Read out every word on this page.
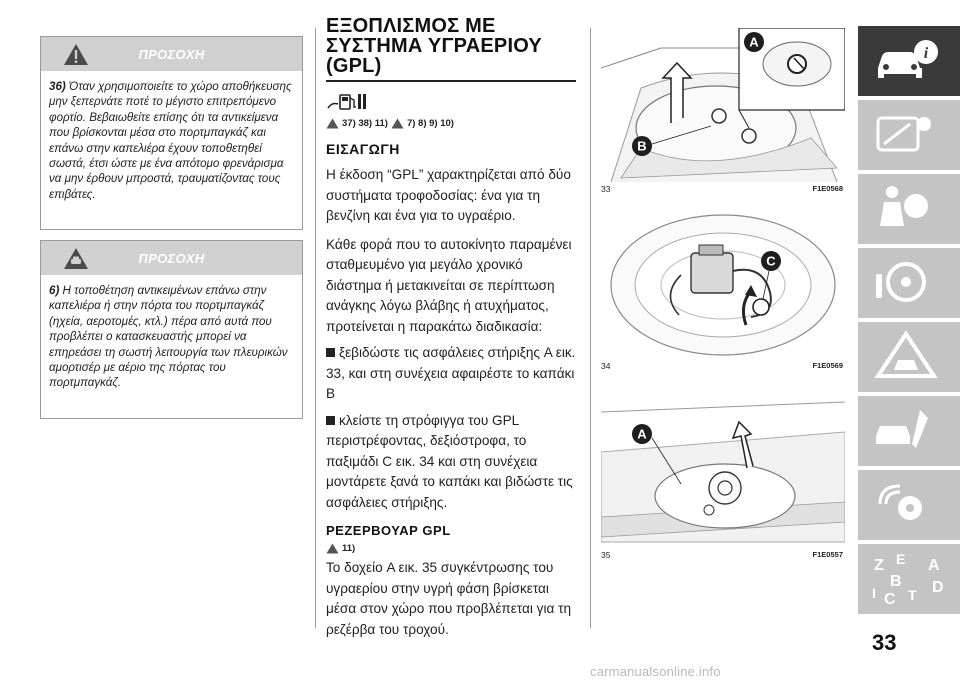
ΠΡΟΣΟΧΗ
36) Όταν χρησιμοποιείτε το χώρο αποθήκευσης μην ξεπερνάτε ποτέ το μέγιστο επιτρεπόμενο φορτίο. Βεβαιωθείτε επίσης ότι τα αντικείμενα που βρίσκονται μέσα στο πορτμπαγκάζ και επάνω στην καπελιέρα έχουν τοποθετηθεί σωστά, έτσι ώστε με ένα απότομο φρενάρισμα να μην έρθουν μπροστά, τραυματίζοντας τους επιβάτες.
ΠΡΟΣΟΧΗ
6) Η τοποθέτηση αντικειμένων επάνω στην καπελιέρα ή στην πόρτα του πορτμπαγκάζ (ηχεία, αεροτομές, κτλ.) πέρα από αυτά που προβλέπει ο κατασκευαστής μπορεί να επηρεάσει τη σωστή λειτουργία των πλευρικών αμορτισέρ με αέριο της πόρτας του πορτμπαγκάζ.
ΕΞΟΠΛΙΣΜΟΣ ΜΕ ΣΥΣΤΗΜΑ ΥΓΡΑΕΡΙΟΥ (GPL)
37) 38) 11) 7) 8) 9) 10)
ΕΙΣΑΓΩΓΗ
Η έκδοση “GPL” χαρακτηρίζεται από δύο συστήματα τροφοδοσίας: ένα για τη βενζίνη και ένα για το υγραέριο.
Κάθε φορά που το αυτοκίνητο παραμένει σταθμευμένο για μεγάλο χρονικό διάστημα ή μετακινείται σε περίπτωση ανάγκης λόγω βλάβης ή ατυχήματος, προτείνεται η παρακάτω διαδικασία:
ξεβιδώστε τις ασφάλειες στήριξης A εικ. 33, και στη συνέχεια αφαιρέστε το καπάκι B
κλείστε τη στρόφιγγα του GPL περιστρέφοντας, δεξιόστροφα, το παξιμάδι C εικ. 34 και στη συνέχεια μοντάρετε ξανά το καπάκι και βιδώστε τις ασφάλειες στήριξης.
ΡΕΖΕΡΒΟΥΑΡ GPL
11)
Το δοχείο A εικ. 35 συγκέντρωσης του υγραερίου στην υγρή φάση βρίσκεται μέσα στον χώρο που προβλέπεται για τη ρεζέρβα του τροχού.
A
B
33	F1E0568
C
34	F1E0569
A
35	F1E0557
i
Z E A
B
I C T D
33
carmanualsonline.info
